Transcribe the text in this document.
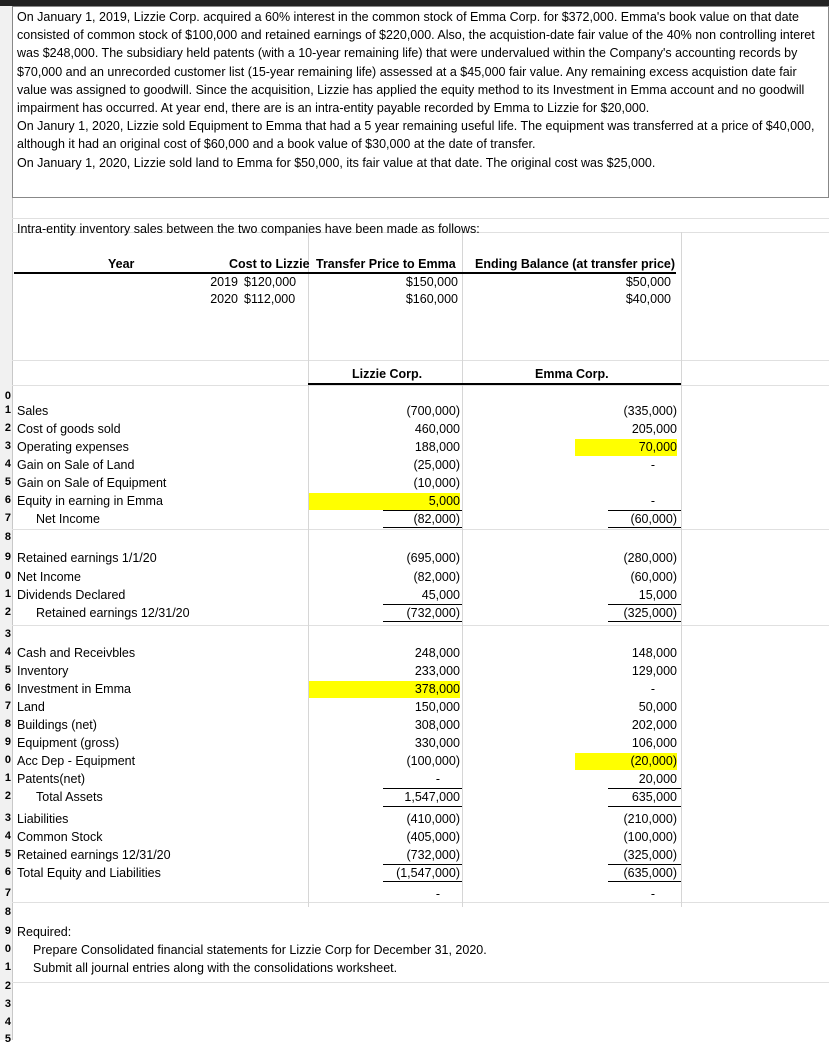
0
1
2
3
4
5
6
7
8
9
0
1
2
3
4
5
6
7
8
9
0
1
2
3
4
5
6
7
8
9
0
1
2
3
4
5

On January 1, 2019, Lizzie Corp. acquired a 60% interest in the common stock of Emma Corp. for $372,000. Emma's book value on that date consisted of common stock of $100,000 and retained earnings of $220,000. Also, the acquistion-date fair value of the 40% non controlling interet was $248,000. The subsidiary held patents (with a 10-year remaining life) that were undervalued within the Company's accounting records by $70,000 and an unrecorded customer list (15-year remaining life) assessed at a $45,000 fair value. Any remaining excess acquistion date fair value was assigned to goodwill. Since the acquisition, Lizzie has applied the equity method to its Investment in Emma account and no goodwill impairment has occurred. At year end, there are is an intra-entity payable recorded by Emma to Lizzie for $20,000.

On Janury 1, 2020, Lizzie sold Equipment to Emma that had a 5 year remaining useful life. The equipment was transferred at a price of $40,000, although it had an original cost of $60,000 and a book value of $30,000 at the date of transfer.

On January 1, 2020, Lizzie sold land to Emma for $50,000, its fair value at that date. The original cost was $25,000.

Intra-entity inventory sales between the two companies have been made as follows:
Year	Cost to Lizzie Transfer Price to Emma Ending Balance (at transfer price)
2019 $120,000	$150,000	$50,000
2020 $112,000	$160,000	$40,000
Lizzie Corp.	Emma Corp.
Sales	(700,000)	(335,000)
Cost of goods sold	460,000	205,000
Operating expenses	188,000	70,000
Gain on Sale of Land	(25,000)	-
Gain on Sale of Equipment	(10,000)
Equity in earning in Emma	5,000	-
Net Income	(82,000)	(60,000)
Retained earnings 1/1/20	(695,000)	(280,000)
Net Income	(82,000)	(60,000)
Dividends Declared	45,000	15,000
Retained earnings 12/31/20	(732,000)	(325,000)
Cash and Receivbles	248,000	148,000
Inventory	233,000	129,000
Investment in Emma	378,000	-
Land	150,000	50,000
Buildings (net)	308,000	202,000
Equipment (gross)	330,000	106,000
Acc Dep - Equipment	(100,000)	(20,000)
Patents(net)	-	20,000
Total Assets	1,547,000	635,000
Liabilities	(410,000)	(210,000)
Common Stock	(405,000)	(100,000)
Retained earnings 12/31/20	(732,000)	(325,000)
Total Equity and Liabilities	(1,547,000)	(635,000)
-	-
Required:
Prepare Consolidated financial statements for Lizzie Corp for December 31, 2020.
Submit all journal entries along with the consolidations worksheet.
